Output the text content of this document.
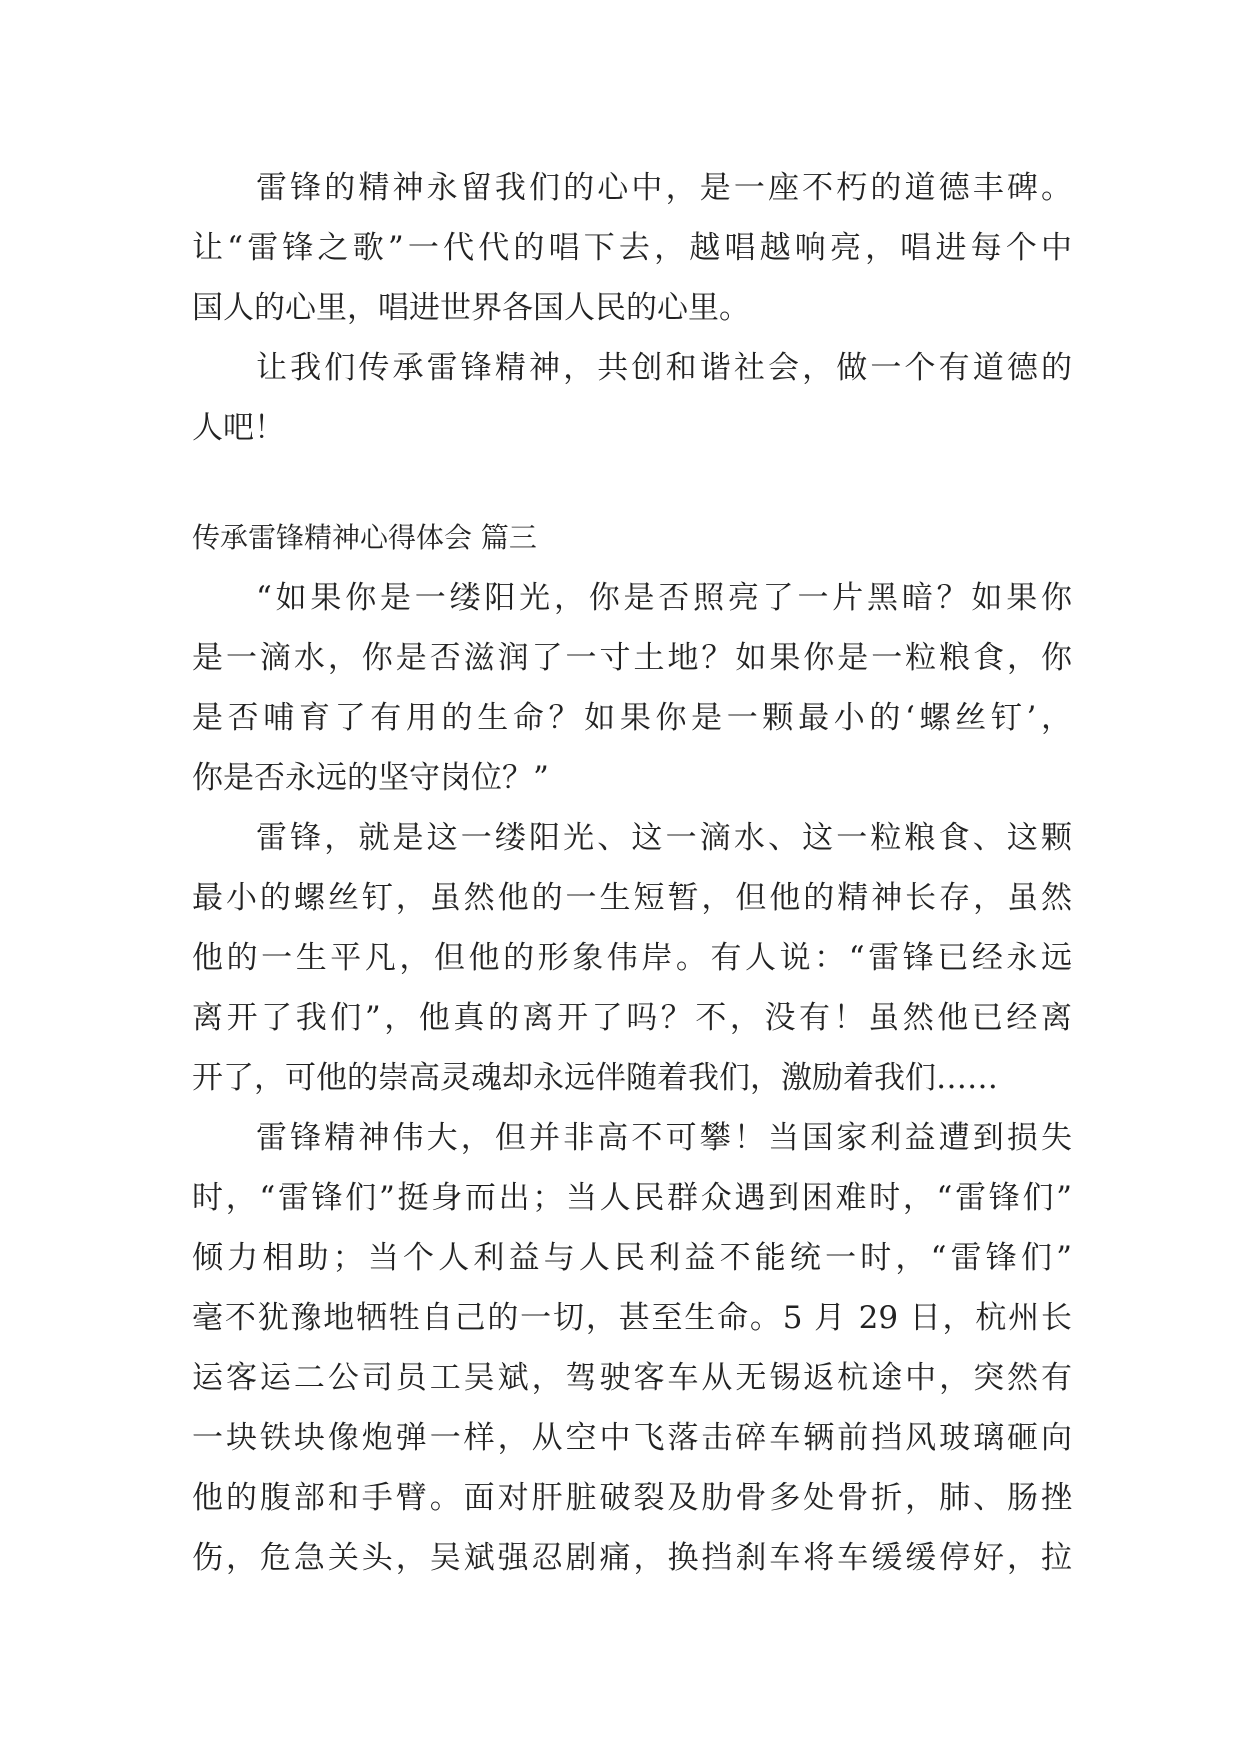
雷锋的精神永留我们的心中，是一座不朽的道德丰碑。
让“雷锋之歌”一代代的唱下去，越唱越响亮，唱进每个中
国人的心里，唱进世界各国人民的心里。
让我们传承雷锋精神，共创和谐社会，做一个有道德的
人吧！
传承雷锋精神心得体会 篇三
“如果你是一缕阳光，你是否照亮了一片黑暗？如果你
是一滴水，你是否滋润了一寸土地？如果你是一粒粮食，你
是否哺育了有用的生命？如果你是一颗最小的‘螺丝钉’，
你是否永远的坚守岗位？”
雷锋，就是这一缕阳光、这一滴水、这一粒粮食、这颗
最小的螺丝钉，虽然他的一生短暂，但他的精神长存，虽然
他的一生平凡，但他的形象伟岸。有人说：“雷锋已经永远
离开了我们”，他真的离开了吗？不，没有！虽然他已经离
开了，可他的崇高灵魂却永远伴随着我们，激励着我们……
雷锋精神伟大，但并非高不可攀！当国家利益遭到损失
时，“雷锋们”挺身而出；当人民群众遇到困难时，“雷锋们”
倾力相助；当个人利益与人民利益不能统一时，“雷锋们”
毫不犹豫地牺牲自己的一切，甚至生命。5 月 29 日，杭州长
运客运二公司员工吴斌，驾驶客车从无锡返杭途中，突然有
一块铁块像炮弹一样，从空中飞落击碎车辆前挡风玻璃砸向
他的腹部和手臂。面对肝脏破裂及肋骨多处骨折，肺、肠挫
伤，危急关头，吴斌强忍剧痛，换挡刹车将车缓缓停好，拉
